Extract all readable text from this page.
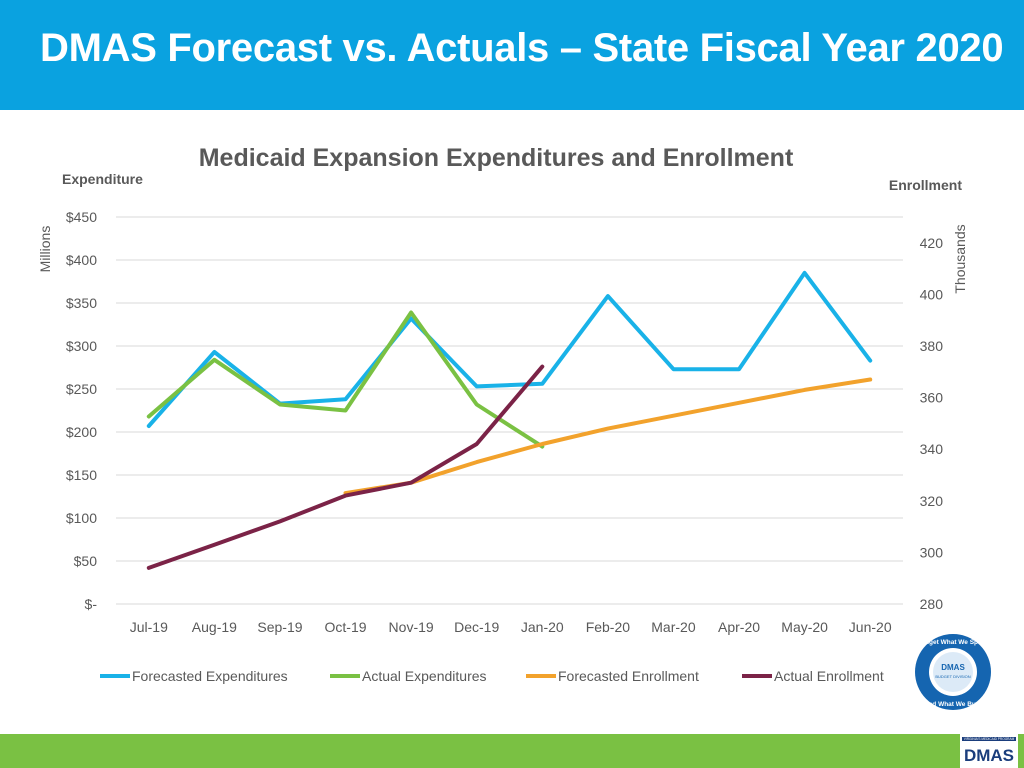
DMAS Forecast vs. Actuals – State Fiscal Year 2020
Medicaid Expansion Expenditures and Enrollment
Expenditure	Enrollment
Millions	Thousands
$-
$50
$100
$150
$200
$250
$300
$350
$400
$450
280
300
320
340
360
380
400
420
Jul-19 Aug-19 Sep-19 Oct-19 Nov-19 Dec-19 Jan-20 Feb-20 Mar-20 Apr-20 May-20 Jun-20
Forecasted Expenditures	Actual Expenditures	Forecasted Enrollment	Actual Enrollment
DMAS
BUDGET DIVISION
Budget What We Spend
Spend What We Budget
VIRGINIA'S MEDICAID PROGRAM
DMAS
